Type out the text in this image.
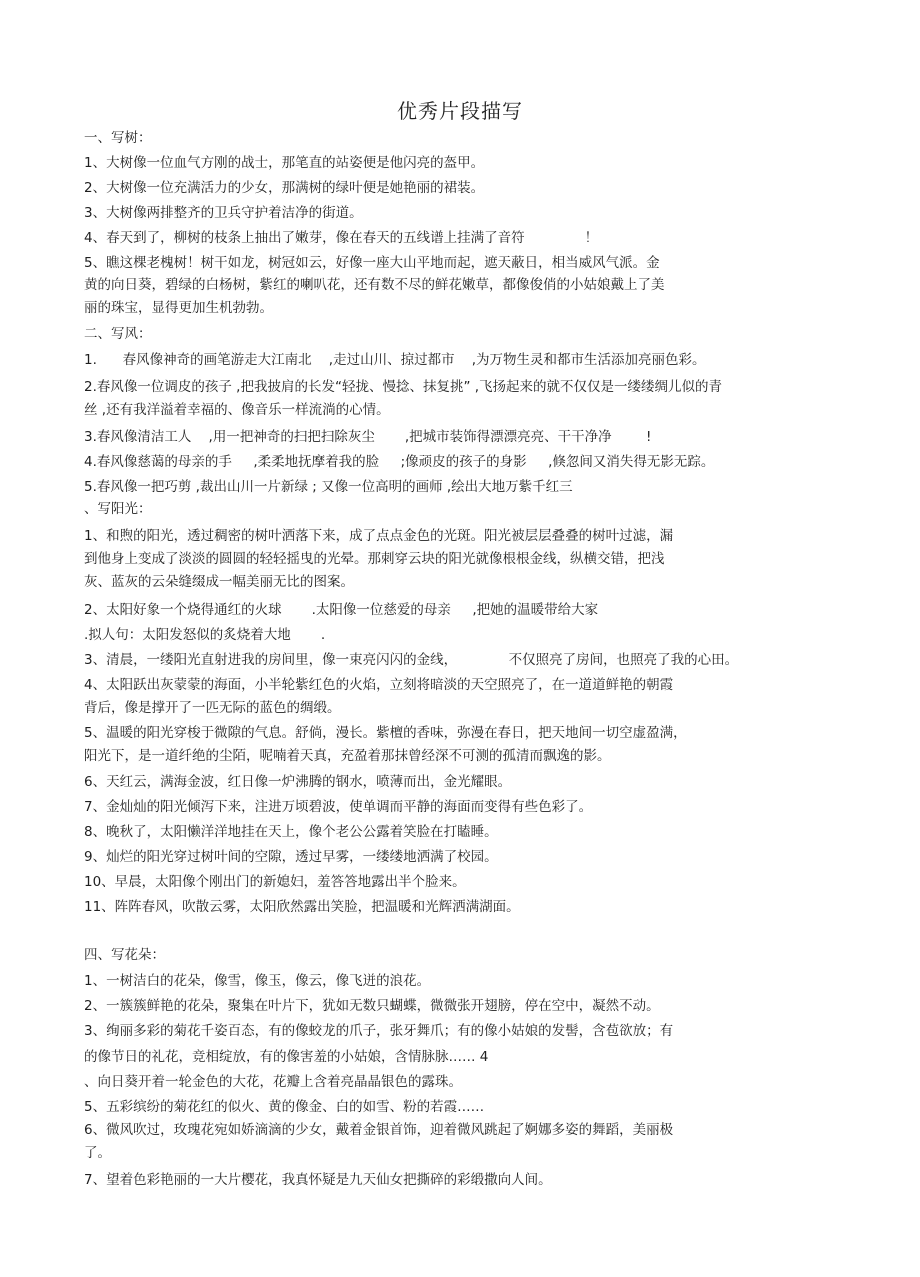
优秀片段描写
一、写树：
1、大树像一位血气方刚的战士，那笔直的站姿便是他闪亮的盔甲。
2、大树像一位充满活力的少女，那满树的绿叶便是她艳丽的裙装。
3、大树像两排整齐的卫兵守护着洁净的街道。
4、春天到了，柳树的枝条上抽出了嫩芽，像在春天的五线谱上挂满了音符              ！
5、瞧这棵老槐树！树干如龙，树冠如云，好像一座大山平地而起，遮天蔽日，相当威风气派。金
黄的向日葵，碧绿的白杨树，紫红的喇叭花，还有数不尽的鲜花嫩草，都像俊俏的小姑娘戴上了美
丽的珠宝，显得更加生机勃勃。
二、写风：
1.      春风像神奇的画笔游走大江南北    ,走过山川、掠过都市    ,为万物生灵和都市生活添加亮丽色彩。
2.春风像一位调皮的孩子 ,把我披肩的长发“轻拢、慢捻、抹复挑” ,飞扬起来的就不仅仅是一缕缕绸儿似的青
丝 ,还有我洋溢着幸福的、像音乐一样流淌的心情。
3.春风像清洁工人    ,用一把神奇的扫把扫除灰尘       ,把城市装饰得漂漂亮亮、干干净净        !
4.春风像慈蔼的母亲的手     ,柔柔地抚摩着我的脸     ;像顽皮的孩子的身影     ,倏忽间又消失得无影无踪。
5.春风像一把巧剪 ,裁出山川一片新绿 ; 又像一位高明的画师 ,绘出大地万紫千红三
、写阳光：
1、和煦的阳光，透过稠密的树叶洒落下来，成了点点金色的光斑。阳光被层层叠叠的树叶过滤，漏
到他身上变成了淡淡的圆圆的轻轻摇曳的光晕。那刺穿云块的阳光就像根根金线，纵横交错，把浅
灰、蓝灰的云朵缝缀成一幅美丽无比的图案。
2、太阳好象一个烧得通红的火球       .太阳像一位慈爱的母亲     ,把她的温暖带给大家
.拟人句：太阳发怒似的炙烧着大地       .
3、清晨，一缕阳光直射进我的房间里，像一束亮闪闪的金线，            不仅照亮了房间，也照亮了我的心田。
4、太阳跃出灰蒙蒙的海面，小半轮紫红色的火焰，立刻将暗淡的天空照亮了，在一道道鲜艳的朝霞
背后，像是撑开了一匹无际的蓝色的绸缎。
5、温暖的阳光穿梭于微隙的气息。舒倘，漫长。紫檀的香味，弥漫在春日，把天地间一切空虚盈满，
阳光下，是一道纤绝的尘陌，呢喃着天真，充盈着那抹曾经深不可测的孤清而飘逸的影。
6、天红云，满海金波，红日像一炉沸腾的钢水，喷薄而出，金光耀眼。
7、金灿灿的阳光倾泻下来，注进万顷碧波，使单调而平静的海面而变得有些色彩了。
8、晚秋了，太阳懒洋洋地挂在天上，像个老公公露着笑脸在打瞌睡。
9、灿烂的阳光穿过树叶间的空隙，透过早雾，一缕缕地洒满了校园。
10、早晨，太阳像个刚出门的新媳妇，羞答答地露出半个脸来。
11、阵阵春风，吹散云雾，太阳欣然露出笑脸，把温暖和光辉洒满湖面。
四、写花朵：
1、一树洁白的花朵，像雪，像玉，像云，像飞迸的浪花。
2、一簇簇鲜艳的花朵，聚集在叶片下，犹如无数只蝴蝶，微微张开翅膀，停在空中，凝然不动。
3、绚丽多彩的菊花千姿百态，有的像蛟龙的爪子，张牙舞爪；有的像小姑娘的发髻，含苞欲放；有
的像节日的礼花，竞相绽放，有的像害羞的小姑娘，含情脉脉…… 4
、向日葵开着一轮金色的大花，花瓣上含着亮晶晶银色的露珠。
5、五彩缤纷的菊花红的似火、黄的像金、白的如雪、粉的若霞……
6、微风吹过，玫瑰花宛如娇滴滴的少女，戴着金银首饰，迎着微风跳起了婀娜多姿的舞蹈，美丽极
了。
7、望着色彩艳丽的一大片樱花，我真怀疑是九天仙女把撕碎的彩缎撒向人间。
